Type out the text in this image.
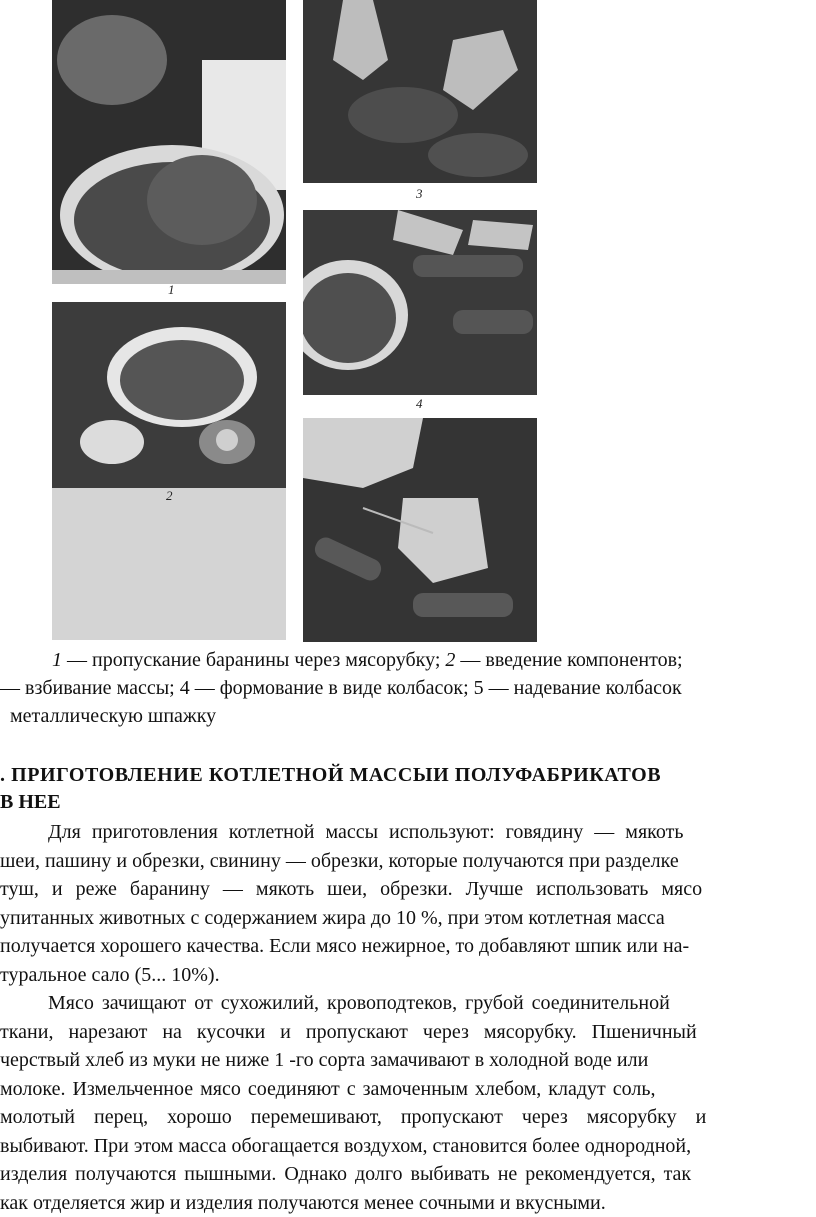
1
2
3
4

1 — пропускание баранины через мясорубку; 2 — введение компонентов;

— взбивание массы; 4 — формование в виде колбасок; 5 — надевание колбасок

металлическую шпажку

. ПРИГОТОВЛЕНИЕ КОТЛЕТНОЙ МАССЫИ ПОЛУФАБРИКАТОВ

В НЕЕ

Для приготовления котлетной массы используют: говядину — мякоть

шеи, пашину и обрезки, свинину — обрезки, которые получаются при разделке

туш, и реже баранину — мякоть шеи, обрезки. Лучше использовать мясо

упитанных животных с содержанием жира до 10 %, при этом котлетная масса

получается хорошего качества. Если мясо нежирное, то добавляют шпик или на-

туральное сало (5... 10%).

Мясо зачищают от сухожилий, кровоподтеков, грубой соединительной

ткани, нарезают на кусочки и пропускают через мясорубку. Пшеничный

черствый хлеб из муки не ниже 1 -го сорта замачивают в холодной воде или

молоке. Измельченное мясо соединяют с замоченным хлебом, кладут соль,

молотый перец, хорошо перемешивают, пропускают через мясорубку и

выбивают. При этом масса обогащается воздухом, становится более однородной,

изделия получаются пышными. Однако долго выбивать не рекомендуется, так

как отделяется жир и изделия получаются менее сочными и вкусными.
